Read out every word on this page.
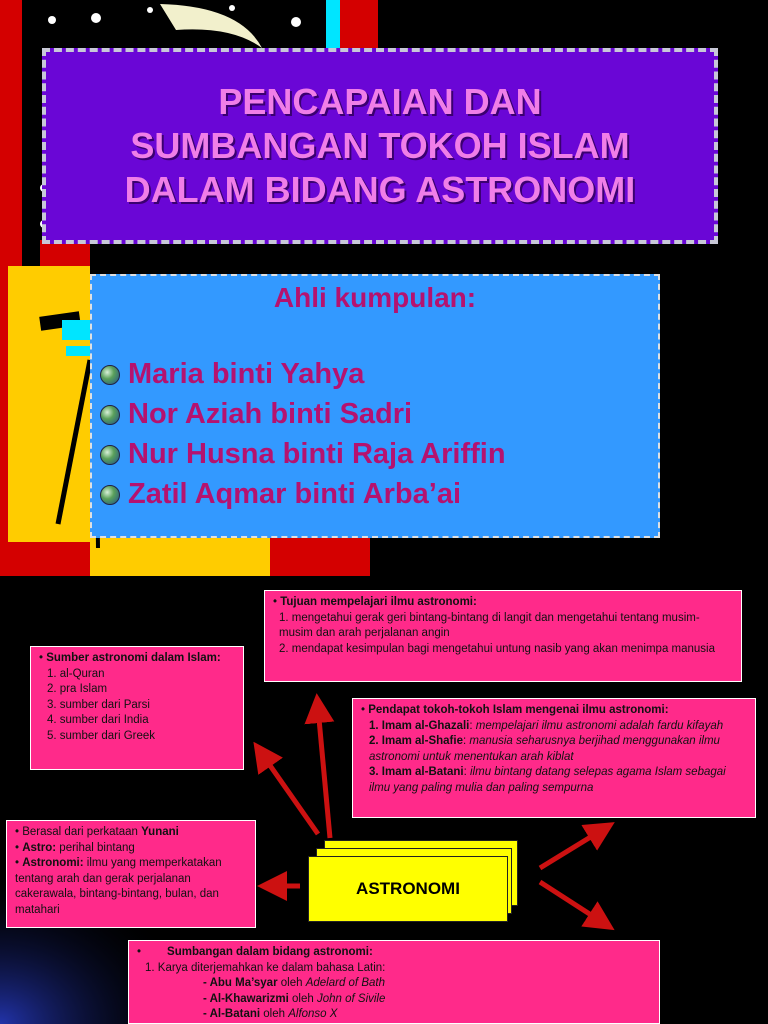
PENCAPAIAN DAN
SUMBANGAN TOKOH ISLAM
DALAM BIDANG ASTRONOMI
Ahli kumpulan:
Maria binti Yahya
Nor Aziah binti Sadri
Nur Husna binti Raja Ariffin
Zatil Aqmar binti Arba’ai
ASTRONOMI
• Tujuan mempelajari ilmu astronomi:
1. mengetahui gerak geri bintang-bintang di langit dan mengetahui tentang musim-musim dan arah perjalanan angin
2. mendapat kesimpulan bagi mengetahui untung nasib yang akan menimpa manusia
• Sumber astronomi dalam Islam:
1. al-Quran
2. pra Islam
3. sumber dari Parsi
4. sumber dari India
5. sumber dari Greek
• Pendapat tokoh-tokoh Islam mengenai ilmu astronomi:
1. Imam al-Ghazali: mempelajari ilmu astronomi adalah fardu kifayah
2. Imam al-Shafie: manusia seharusnya berjihad menggunakan ilmu astronomi untuk menentukan arah kiblat
3. Imam al-Batani: ilmu bintang datang selepas agama Islam sebagai ilmu yang paling mulia dan paling sempurna
• Berasal dari perkataan Yunani
• Astro: perihal bintang
• Astronomi: ilmu yang memperkatakan tentang arah dan gerak perjalanan cakerawala, bintang-bintang, bulan, dan matahari
• Sumbangan dalam bidang astronomi:
1. Karya diterjemahkan ke dalam bahasa Latin:
- Abu Ma’syar oleh Adelard of Bath
- Al-Khawarizmi oleh John of Sivile
- Al-Batani oleh Alfonso X
